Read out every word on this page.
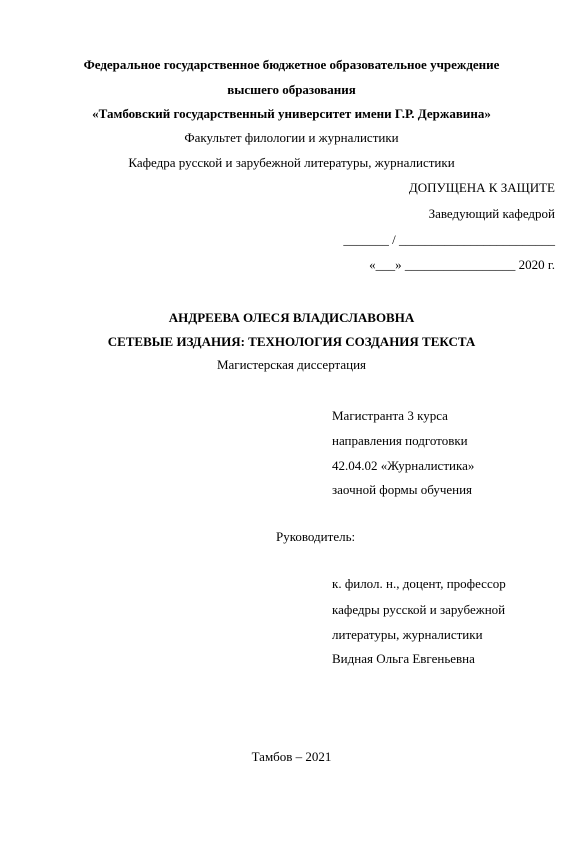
Федеральное государственное бюджетное образовательное учреждение
высшего образования
«Тамбовский государственный университет имени Г.Р. Державина»
Факультет филологии и журналистики
Кафедра русской и зарубежной литературы, журналистики
ДОПУЩЕНА К ЗАЩИТЕ
Заведующий кафедрой
_______ / ________________________
«___» _________________ 2020 г.
АНДРЕЕВА ОЛЕСЯ ВЛАДИСЛАВОВНА
СЕТЕВЫЕ ИЗДАНИЯ: ТЕХНОЛОГИЯ СОЗДАНИЯ ТЕКСТА
Магистерская диссертация
Магистранта 3 курса
направления подготовки
42.04.02 «Журналистика»
заочной формы обучения
Руководитель:
к. филол. н., доцент, профессор
кафедры русской и зарубежной
литературы, журналистики
Видная Ольга Евгеньевна
Тамбов – 2021
